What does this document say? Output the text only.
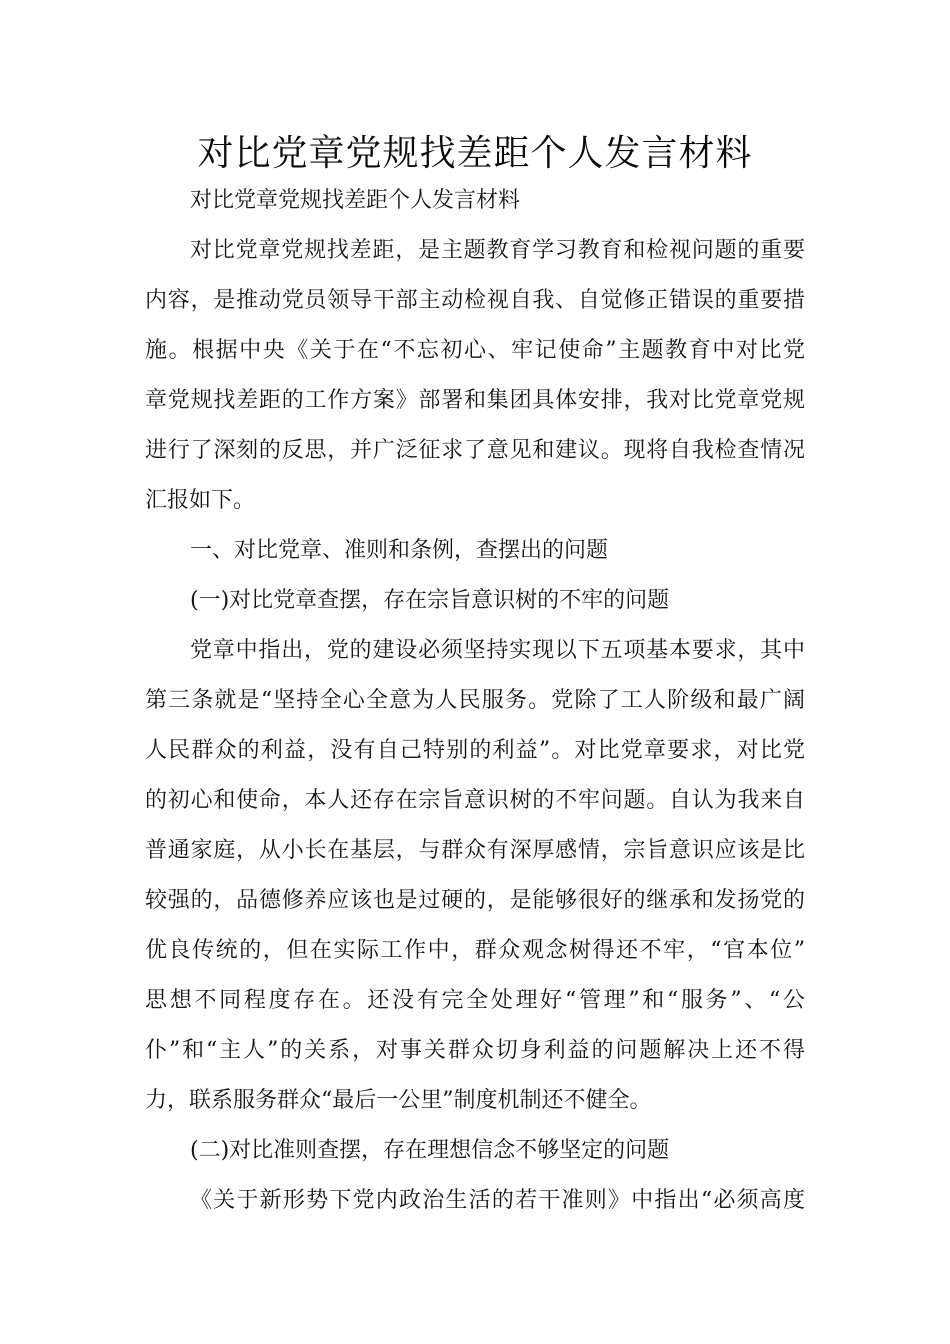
对比党章党规找差距个人发言材料
对比党章党规找差距个人发言材料
对比党章党规找差距，是主题教育学习教育和检视问题的重要
内容，是推动党员领导干部主动检视自我、自觉修正错误的重要措
施。根据中央《关于在“不忘初心、牢记使命”主题教育中对比党
章党规找差距的工作方案》部署和集团具体安排，我对比党章党规
进行了深刻的反思，并广泛征求了意见和建议。现将自我检查情况
汇报如下。
一、对比党章、准则和条例，查摆出的问题
(一)对比党章查摆，存在宗旨意识树的不牢的问题
党章中指出，党的建设必须坚持实现以下五项基本要求，其中
第三条就是“坚持全心全意为人民服务。党除了工人阶级和最广阔
人民群众的利益，没有自己特别的利益”。对比党章要求，对比党
的初心和使命，本人还存在宗旨意识树的不牢问题。自认为我来自
普通家庭，从小长在基层，与群众有深厚感情，宗旨意识应该是比
较强的，品德修养应该也是过硬的，是能够很好的继承和发扬党的
优良传统的，但在实际工作中，群众观念树得还不牢，“官本位”
思想不同程度存在。还没有完全处理好“管理”和“服务”、“公
仆”和“主人”的关系，对事关群众切身利益的问题解决上还不得
力，联系服务群众“最后一公里”制度机制还不健全。
(二)对比准则查摆，存在理想信念不够坚定的问题
《关于新形势下党内政治生活的若干准则》中指出“必须高度
